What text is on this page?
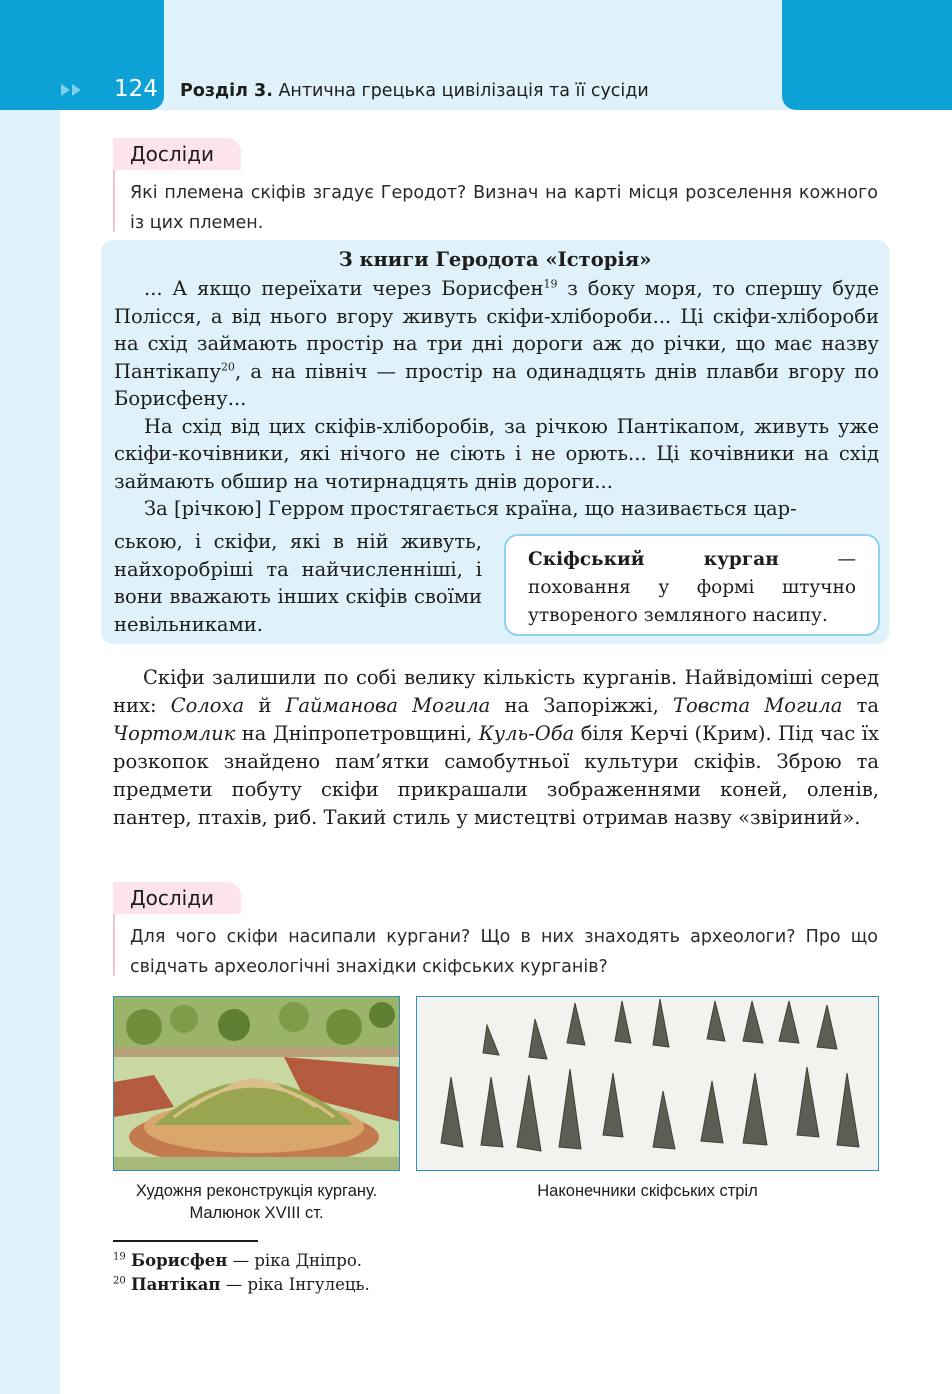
124 Розділ 3. Антична грецька цивілізація та її сусіди
Досліди
Які племена скіфів згадує Геродот? Визнач на карті місця розселення кожного із цих племен.
З книги Геродота «Історія»

... А якщо переїхати через Борисфен$^{19}$ з боку моря, то спершу буде Полісся, а від нього вгору живуть скіфи-хлібороби... Ці скіфи-хлібороби на схід займають простір на три дні дороги аж до річки, що має назву Пантікапу$^{20}$, а на північ — простір на одинадцять днів плавби вгору по Борисфену...

На схід від цих скіфів-хліборобів, за річкою Пантікапом, живуть уже скіфи-кочівники, які нічого не сіють і не орють... Ці кочівники на схід займають обшир на чотирнадцять днів дороги...

За [річкою] Герром простягається країна, що називається цар-

ською, і скіфи, які в ній живуть, найхоробріші та найчисленніші, і вони вважають інших скіфів своїми невільниками.
Скіфський курган — поховання у формі штучно утвореного земляного насипу.

Скіфи залишили по собі велику кількість курганів. Найвідоміші серед них: Солоха й Гайманова Могила на Запоріжжі, Товста Могила та Чортомлик на Дніпропетровщині, Куль-Оба біля Керчі (Крим). Під час їх розкопок знайдено пам’ятки самобутньої культури скіфів. Зброю та предмети побуту скіфи прикрашали зображеннями коней, оленів, пантер, птахів, риб. Такий стиль у мистецтві отримав назву «звіриний».

Досліди
Для чого скіфи насипали кургани? Що в них знаходять археологи? Про що свідчать археологічні знахідки скіфських курганів?
Художня реконструкція кургану.
Малюнок XVIII ст.
Наконечники скіфських стріл
$^{19}$ Борисфен — ріка Дніпро.
$^{20}$ Пантікап — ріка Інгулець.
